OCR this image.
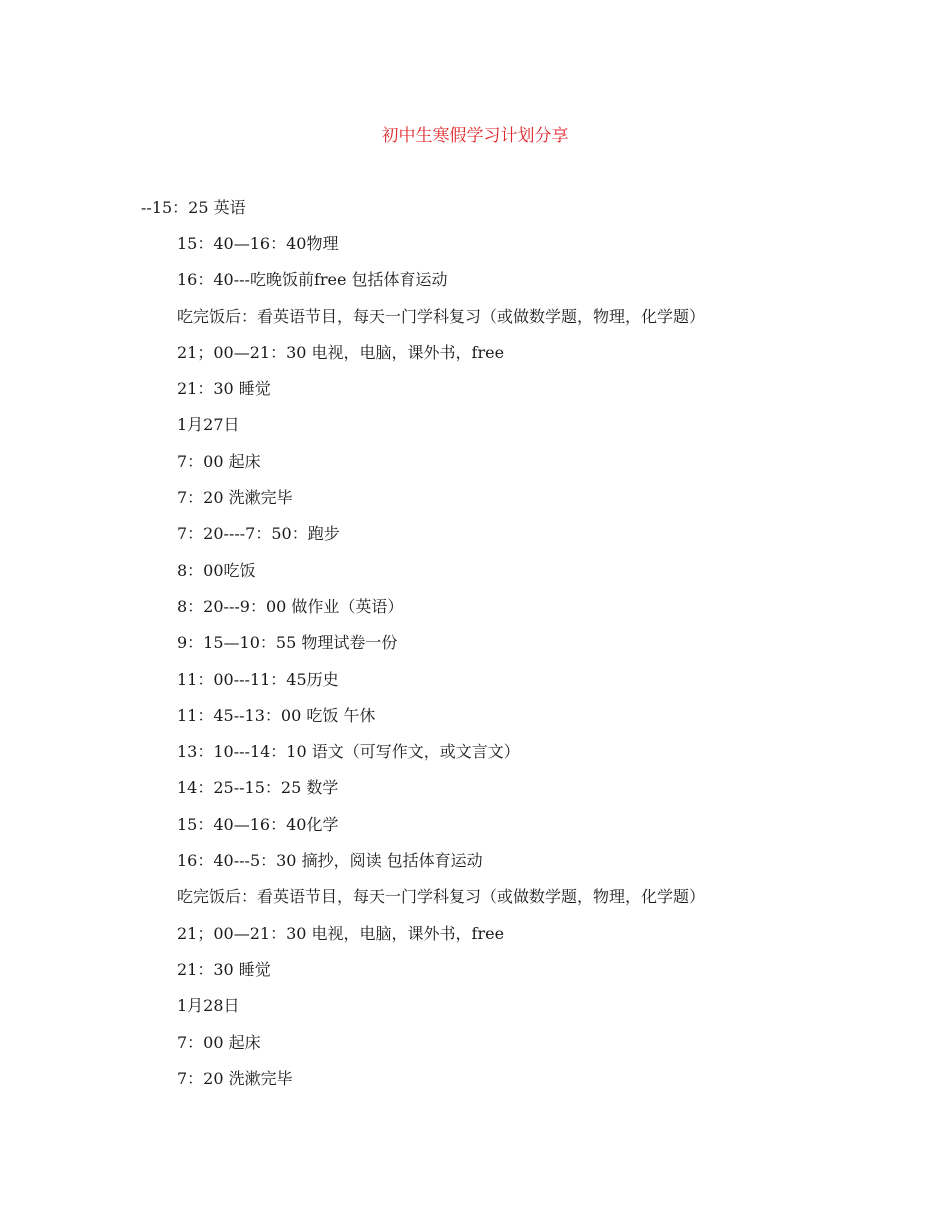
初中生寒假学习计划分享
--15：25 英语
15：40—16：40物理
16：40---吃晚饭前free 包括体育运动
吃完饭后：看英语节目，每天一门学科复习（或做数学题，物理，化学题）
21；00—21：30 电视，电脑，课外书，free
21：30 睡觉
1月27日
7：00 起床
7：20 洗漱完毕
7：20----7：50：跑步
8：00吃饭
8：20---9：00 做作业（英语）
9：15—10：55 物理试卷一份
11：00---11：45历史
11：45--13：00 吃饭 午休
13：10---14：10 语文（可写作文，或文言文）
14：25--15：25 数学
15：40—16：40化学
16：40---5：30 摘抄，阅读 包括体育运动
吃完饭后：看英语节目，每天一门学科复习（或做数学题，物理，化学题）
21；00—21：30 电视，电脑，课外书，free
21：30 睡觉
1月28日
7：00 起床
7：20 洗漱完毕
